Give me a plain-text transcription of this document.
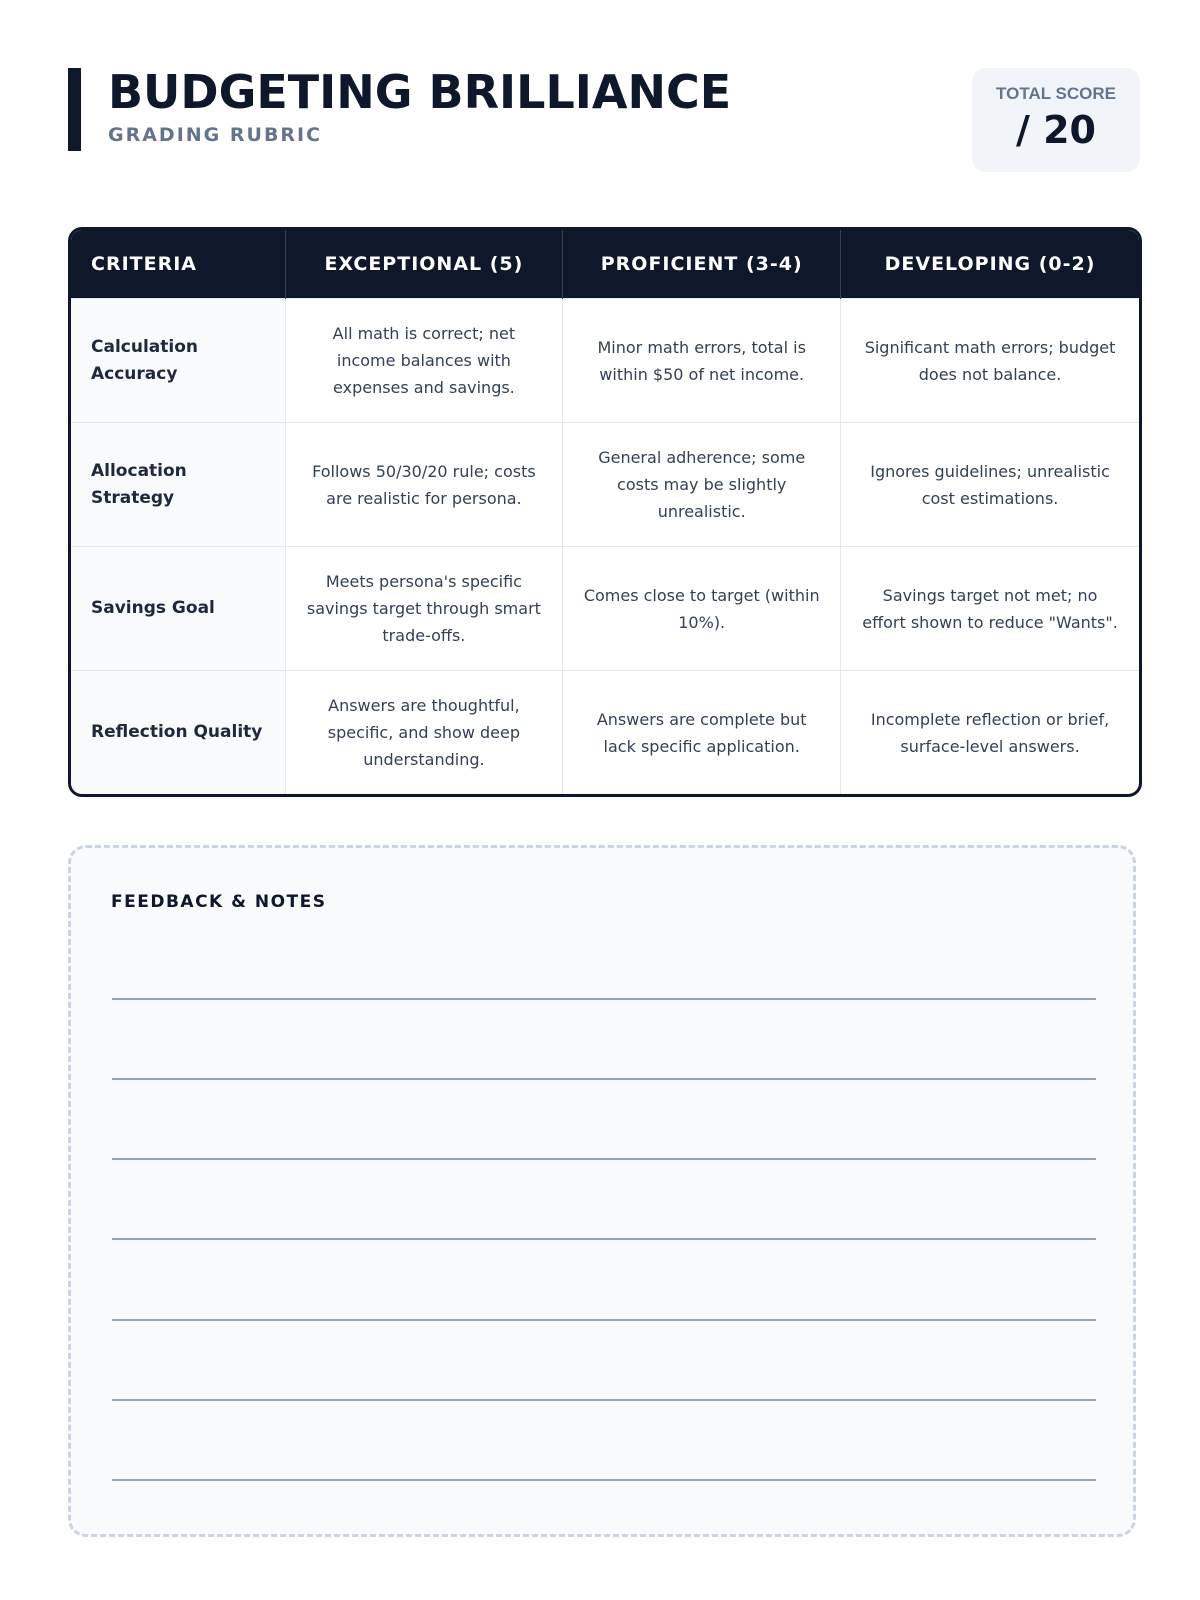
BUDGETING BRILLIANCE
GRADING RUBRIC
TOTAL SCORE
/ 20
CRITERIA	EXCEPTIONAL (5)	PROFICIENT (3-4)	DEVELOPING (0-2)
Calculation Accuracy	All math is correct; net income balances with expenses and savings.	Minor math errors, total is within $50 of net income.	Significant math errors; budget does not balance.
Allocation Strategy	Follows 50/30/20 rule; costs are realistic for persona.	General adherence; some costs may be slightly unrealistic.	Ignores guidelines; unrealistic cost estimations.
Savings Goal	Meets persona's specific savings target through smart trade-offs.	Comes close to target (within 10%).	Savings target not met; no effort shown to reduce "Wants".
Reflection Quality	Answers are thoughtful, specific, and show deep understanding.	Answers are complete but lack specific application.	Incomplete reflection or brief, surface-level answers.
FEEDBACK & NOTES
